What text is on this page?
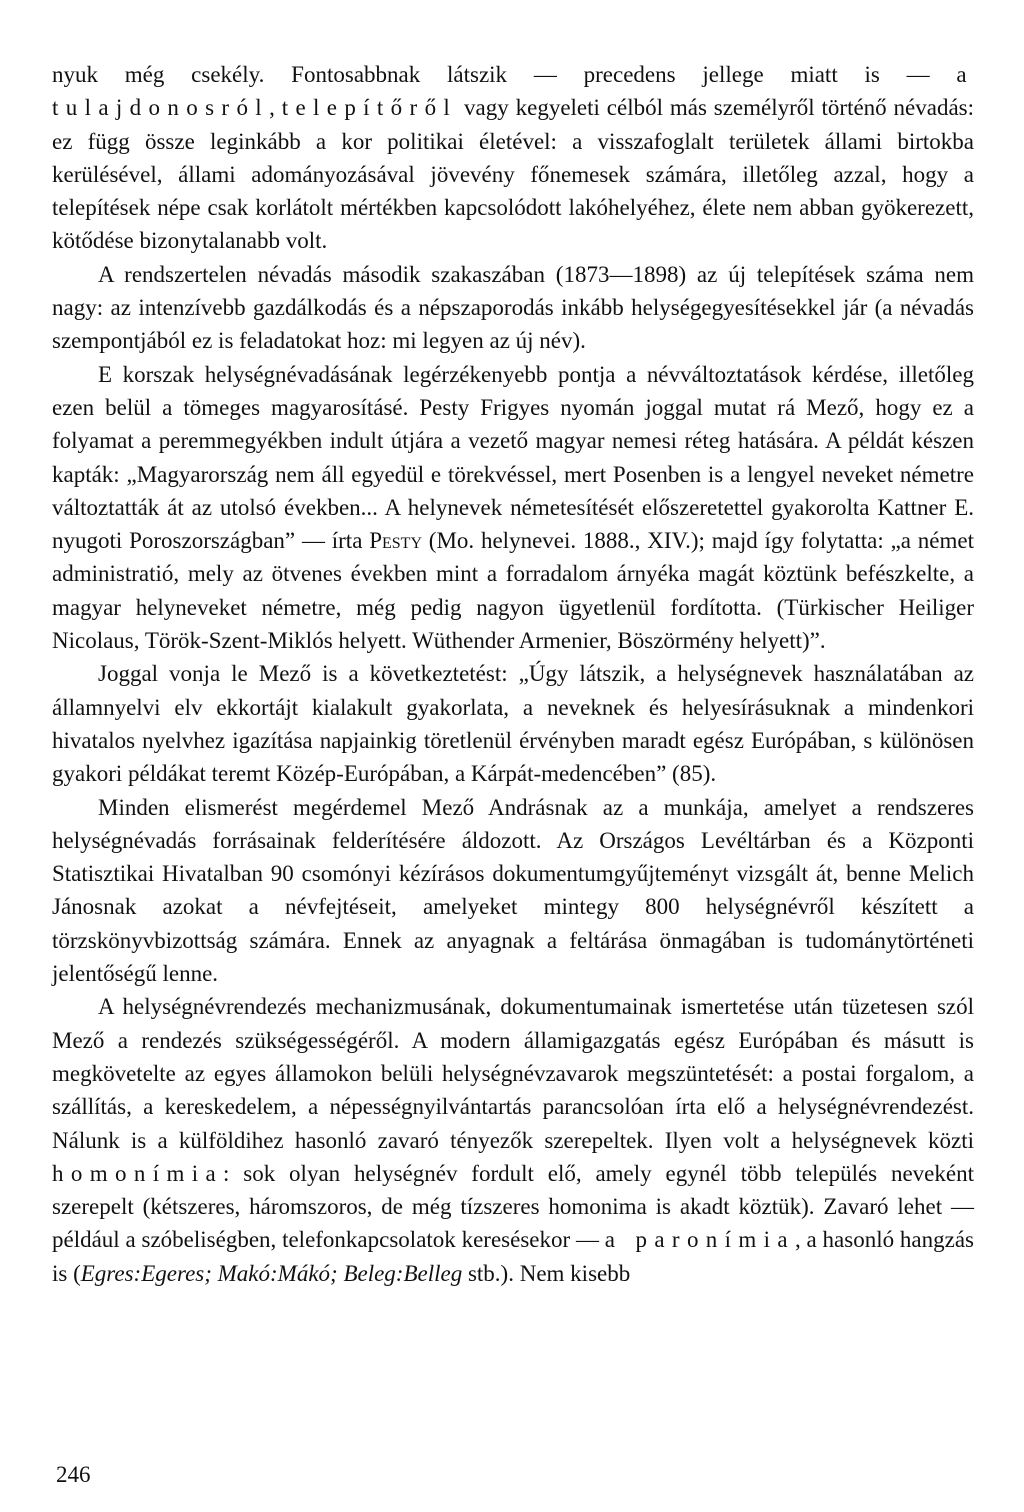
nyuk még csekély. Fontosabbnak látszik — precedens jellege miatt is — a tulajdonosról, telepítőről vagy kegyeleti célból más személyről történő névadás: ez függ össze leginkább a kor politikai életével: a visszafoglalt területek állami birtokba kerülésével, állami adományozásával jövevény főnemesek számára, illetőleg azzal, hogy a telepítések népe csak korlátolt mértékben kapcsolódott lakóhelyéhez, élete nem abban gyökerezett, kötődése bizonytalanabb volt.

A rendszertelen névadás második szakaszában (1873—1898) az új telepítések száma nem nagy: az intenzívebb gazdálkodás és a népszaporodás inkább helységegyesítésekkel jár (a névadás szempontjából ez is feladatokat hoz: mi legyen az új név).

E korszak helységnévadásának legérzékenyebb pontja a névváltoztatások kérdése, illetőleg ezen belül a tömeges magyarosításé. Pesty Frigyes nyomán joggal mutat rá Mező, hogy ez a folyamat a peremmegyékben indult útjára a vezető magyar nemesi réteg hatására. A példát készen kapták: „Magyarország nem áll egyedül e törekvéssel, mert Posenben is a lengyel neveket németre változtatták át az utolsó években... A helynevek németesítését előszeretettel gyakorolta Kattner E. nyugoti Poroszországban” — írta Pesty (Mo. helynevei. 1888., XIV.); majd így folytatta: „a német administratió, mely az ötvenes években mint a forradalom árnyéka magát köztünk befészkelte, a magyar helyneveket németre, még pedig nagyon ügyetlenül fordította. (Türkischer Heiliger Nicolaus, Török-Szent-Miklós helyett. Wüthender Armenier, Böszörmény helyett)”.

Joggal vonja le Mező is a következtetést: „Úgy látszik, a helységnevek használatában az államnyelvi elv ekkortájt kialakult gyakorlata, a neveknek és helyesírásuknak a mindenkori hivatalos nyelvhez igazítása napjainkig töretlenül érvényben maradt egész Európában, s különösen gyakori példákat teremt Közép-Európában, a Kárpát-medencében” (85).

Minden elismerést megérdemel Mező Andrásnak az a munkája, amelyet a rendszeres helységnévadás forrásainak felderítésére áldozott. Az Országos Levéltárban és a Központi Statisztikai Hivatalban 90 csomónyi kézírásos dokumentumgyűjteményt vizsgált át, benne Melich Jánosnak azokat a névfejtéseit, amelyeket mintegy 800 helységnévről készített a törzskönyvbizottság számára. Ennek az anyagnak a feltárása önmagában is tudománytörténeti jelentőségű lenne.

A helységnévrendezés mechanizmusának, dokumentumainak ismertetése után tüzetesen szól Mező a rendezés szükségességéről. A modern államigazgatás egész Európában és másutt is megkövetelte az egyes államokon belüli helységnévzavarok megszüntetését: a postai forgalom, a szállítás, a kereskedelem, a népességnyilvántartás parancsolóan írta elő a helységnévrendezést. Nálunk is a külföldihez hasonló zavaró tényezők szerepeltek. Ilyen volt a helységnevek közti homonímia: sok olyan helységnév fordult elő, amely egynél több település neveként szerepelt (kétszeres, háromszoros, de még tízszeres homonima is akadt köztük). Zavaró lehet — például a szóbeliségben, telefonkapcsolatok keresésekor — a paronímia, a hasonló hangzás is (Egres:Egeres; Makó:Mákó; Beleg:Belleg stb.). Nem kisebb

246
